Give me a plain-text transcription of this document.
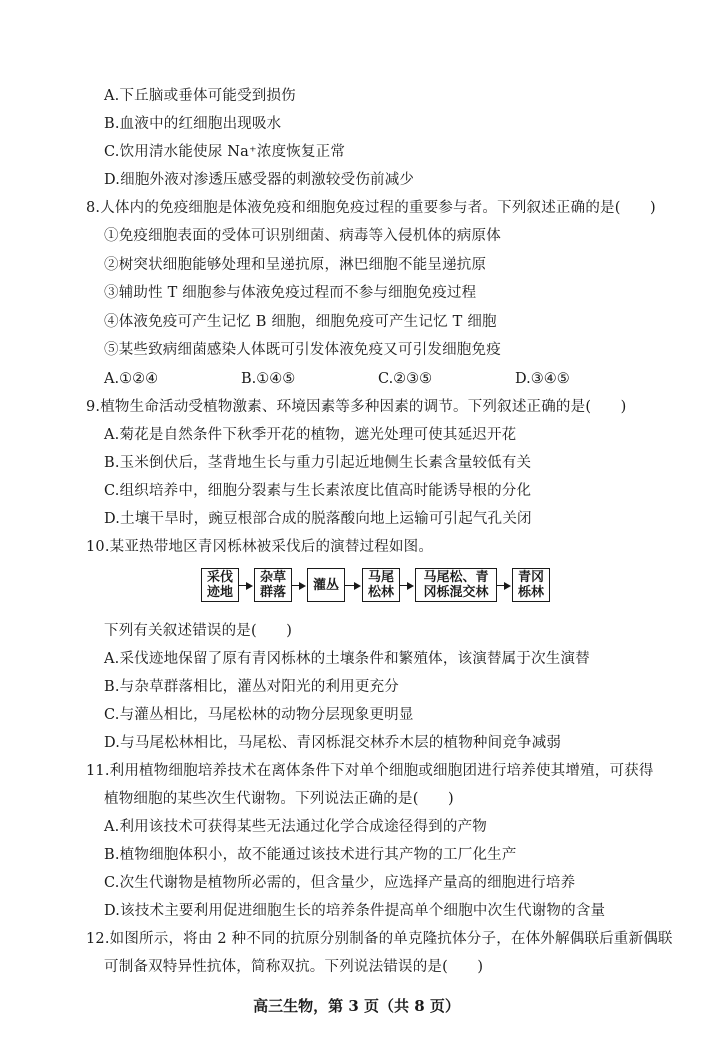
A.下丘脑或垂体可能受到损伤
B.血液中的红细胞出现吸水
C.饮用清水能使尿 Na⁺浓度恢复正常
D.细胞外液对渗透压感受器的刺激较受伤前减少
8.人体内的免疫细胞是体液免疫和细胞免疫过程的重要参与者。下列叙述正确的是(　　)
①免疫细胞表面的受体可识别细菌、病毒等入侵机体的病原体
②树突状细胞能够处理和呈递抗原，淋巴细胞不能呈递抗原
③辅助性 T 细胞参与体液免疫过程而不参与细胞免疫过程
④体液免疫可产生记忆 B 细胞，细胞免疫可产生记忆 T 细胞
⑤某些致病细菌感染人体既可引发体液免疫又可引发细胞免疫
A.①②④	B.①④⑤	C.②③⑤	D.③④⑤
9.植物生命活动受植物激素、环境因素等多种因素的调节。下列叙述正确的是(　　)
A.菊花是自然条件下秋季开花的植物，遮光处理可使其延迟开花
B.玉米倒伏后，茎背地生长与重力引起近地侧生长素含量较低有关
C.组织培养中，细胞分裂素与生长素浓度比值高时能诱导根的分化
D.土壤干旱时，豌豆根部合成的脱落酸向地上运输可引起气孔关闭
10.某亚热带地区青冈栎林被采伐后的演替过程如图。
采伐
迹地
杂草
群落 灌丛 马尾
松林
马尾松、青
冈栎混交林
青冈
栎林
下列有关叙述错误的是(　　)
A.采伐迹地保留了原有青冈栎林的土壤条件和繁殖体，该演替属于次生演替
B.与杂草群落相比，灌丛对阳光的利用更充分
C.与灌丛相比，马尾松林的动物分层现象更明显
D.与马尾松林相比，马尾松、青冈栎混交林乔木层的植物种间竞争减弱
11.利用植物细胞培养技术在离体条件下对单个细胞或细胞团进行培养使其增殖，可获得
植物细胞的某些次生代谢物。下列说法正确的是(　　)
A.利用该技术可获得某些无法通过化学合成途径得到的产物
B.植物细胞体积小，故不能通过该技术进行其产物的工厂化生产
C.次生代谢物是植物所必需的，但含量少，应选择产量高的细胞进行培养
D.该技术主要利用促进细胞生长的培养条件提高单个细胞中次生代谢物的含量
12.如图所示，将由 2 种不同的抗原分别制备的单克隆抗体分子，在体外解偶联后重新偶联
可制备双特异性抗体，简称双抗。下列说法错误的是(　　)
高三生物，第 3 页（共 8 页）
